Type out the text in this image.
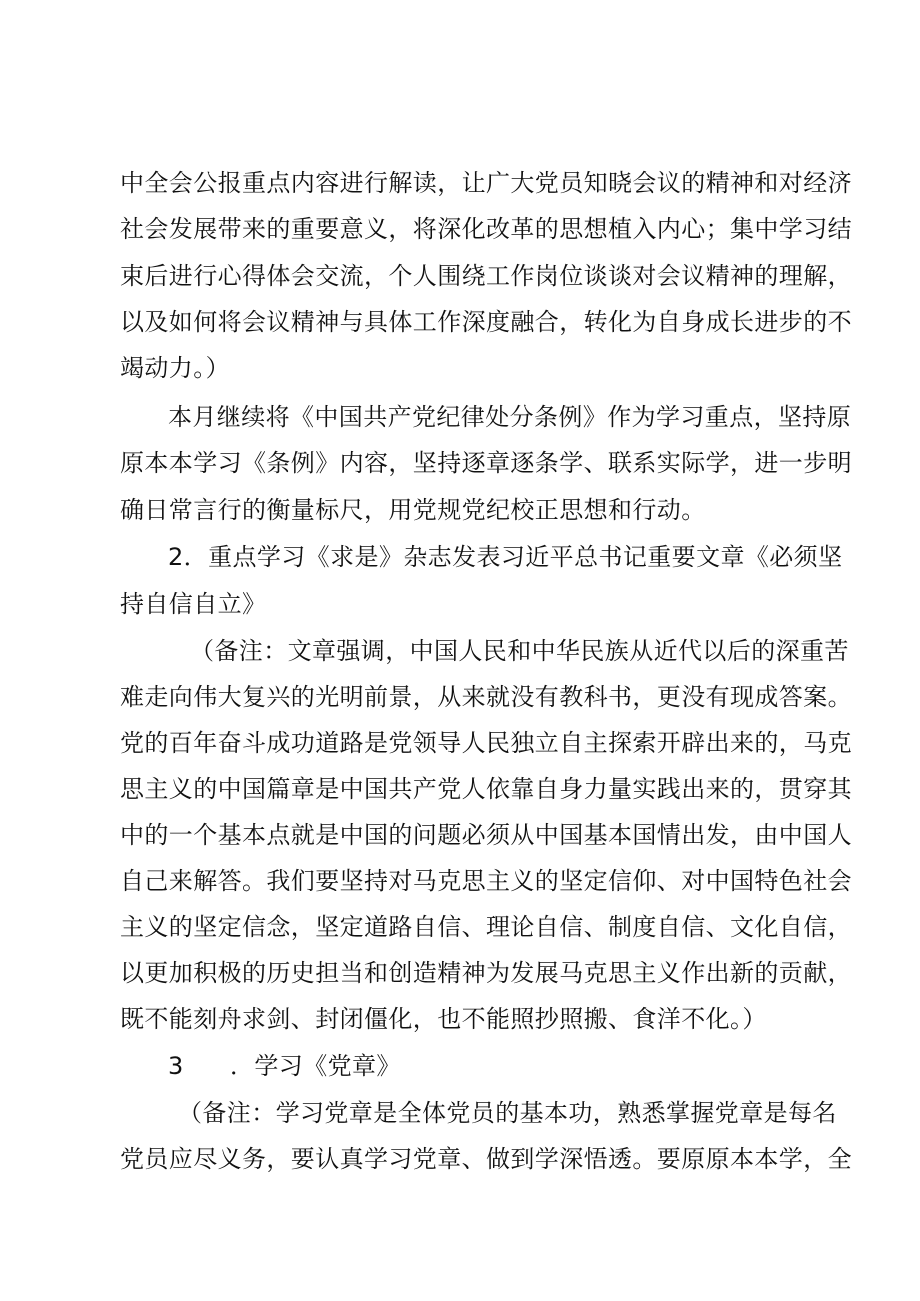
中全会公报重点内容进行解读，让广大党员知晓会议的精神和对经济
社会发展带来的重要意义，将深化改革的思想植入内心；集中学习结
束后进行心得体会交流，个人围绕工作岗位谈谈对会议精神的理解，
以及如何将会议精神与具体工作深度融合，转化为自身成长进步的不
竭动力。）
本月继续将《中国共产党纪律处分条例》作为学习重点，坚持原
原本本学习《条例》内容，坚持逐章逐条学、联系实际学，进一步明
确日常言行的衡量标尺，用党规党纪校正思想和行动。
2．重点学习《求是》杂志发表习近平总书记重要文章《必须坚
持自信自立》
（备注：文章强调，中国人民和中华民族从近代以后的深重苦
难走向伟大复兴的光明前景，从来就没有教科书，更没有现成答案。
党的百年奋斗成功道路是党领导人民独立自主探索开辟出来的，马克
思主义的中国篇章是中国共产党人依靠自身力量实践出来的，贯穿其
中的一个基本点就是中国的问题必须从中国基本国情出发，由中国人
自己来解答。我们要坚持对马克思主义的坚定信仰、对中国特色社会
主义的坚定信念，坚定道路自信、理论自信、制度自信、文化自信，
以更加积极的历史担当和创造精神为发展马克思主义作出新的贡献，
既不能刻舟求剑、封闭僵化，也不能照抄照搬、食洋不化。）
3	．学习《党章》
（备注：学习党章是全体党员的基本功，熟悉掌握党章是每名
党员应尽义务，要认真学习党章、做到学深悟透。要原原本本学，全
